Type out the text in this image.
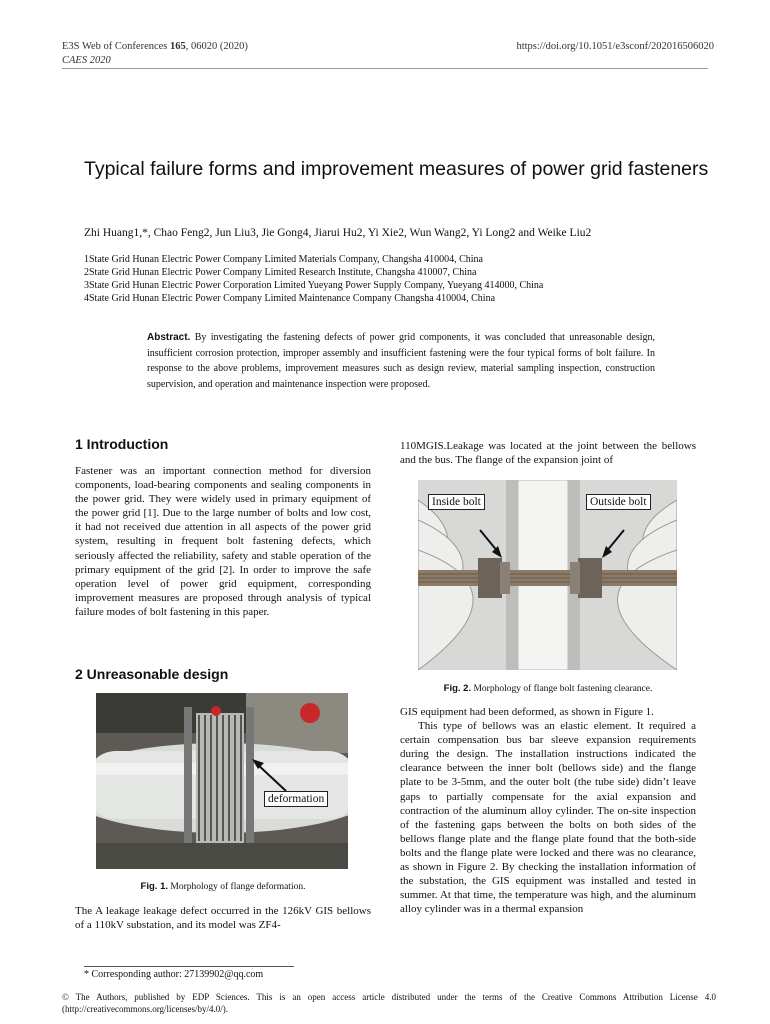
E3S Web of Conferences 165, 06020 (2020)
CAES 2020
https://doi.org/10.1051/e3sconf/202016506020
Typical failure forms and improvement measures of power grid fasteners
Zhi Huang1,*, Chao Feng2, Jun Liu3, Jie Gong4, Jiarui Hu2, Yi Xie2, Wun Wang2, Yi Long2 and Weike Liu2
1State Grid Hunan Electric Power Company Limited Materials Company, Changsha 410004, China
2State Grid Hunan Electric Power Company Limited Research Institute, Changsha 410007, China
3State Grid Hunan Electric Power Corporation Limited Yueyang Power Supply Company, Yueyang 414000, China
4State Grid Hunan Electric Power Company Limited Maintenance Company Changsha 410004, China
Abstract. By investigating the fastening defects of power grid components, it was concluded that unreasonable design, insufficient corrosion protection, improper assembly and insufficient fastening were the four typical forms of bolt failure. In response to the above problems, improvement measures such as design review, material sampling inspection, construction supervision, and operation and maintenance inspection were proposed.
1 Introduction
Fastener was an important connection method for diversion components, load-bearing components and sealing components in the power grid. They were widely used in primary equipment of the power grid [1]. Due to the large number of bolts and low cost, it had not received due attention in all aspects of the power grid system, resulting in frequent bolt fastening defects, which seriously affected the reliability, safety and stable operation of the primary equipment of the grid [2]. In order to improve the safe operation level of power grid equipment, corresponding improvement measures are proposed through analysis of typical failure modes of bolt fastening in this paper.
2 Unreasonable design
deformation
Fig. 1. Morphology of flange deformation.
The A leakage leakage defect occurred in the 126kV GIS bellows of a 110kV substation, and its model was ZF4-
110MGIS.Leakage was located at the joint between the bellows and the bus. The flange of the expansion joint of
Inside bolt	Outside bolt
Fig. 2. Morphology of flange bolt fastening clearance.
GIS equipment had been deformed, as shown in Figure 1.
This type of bellows was an elastic element. It required a certain compensation bus bar sleeve expansion requirements during the design. The installation instructions indicated the clearance between the inner bolt (bellows side) and the flange plate to be 3-5mm, and the outer bolt (the tube side) didn’t leave gaps to partially compensate for the axial expansion and contraction of the aluminum alloy cylinder. The on-site inspection of the fastening gaps between the bolts on both sides of the bellows flange plate and the flange plate found that the both-side bolts and the flange plate were locked and there was no clearance, as shown in Figure 2. By checking the installation information of the substation, the GIS equipment was installed and tested in summer. At that time, the temperature was high, and the aluminum alloy cylinder was in a thermal expansion
* Corresponding author: 27139902@qq.com
© The Authors, published by EDP Sciences. This is an open access article distributed under the terms of the Creative Commons Attribution License 4.0 (http://creativecommons.org/licenses/by/4.0/).
